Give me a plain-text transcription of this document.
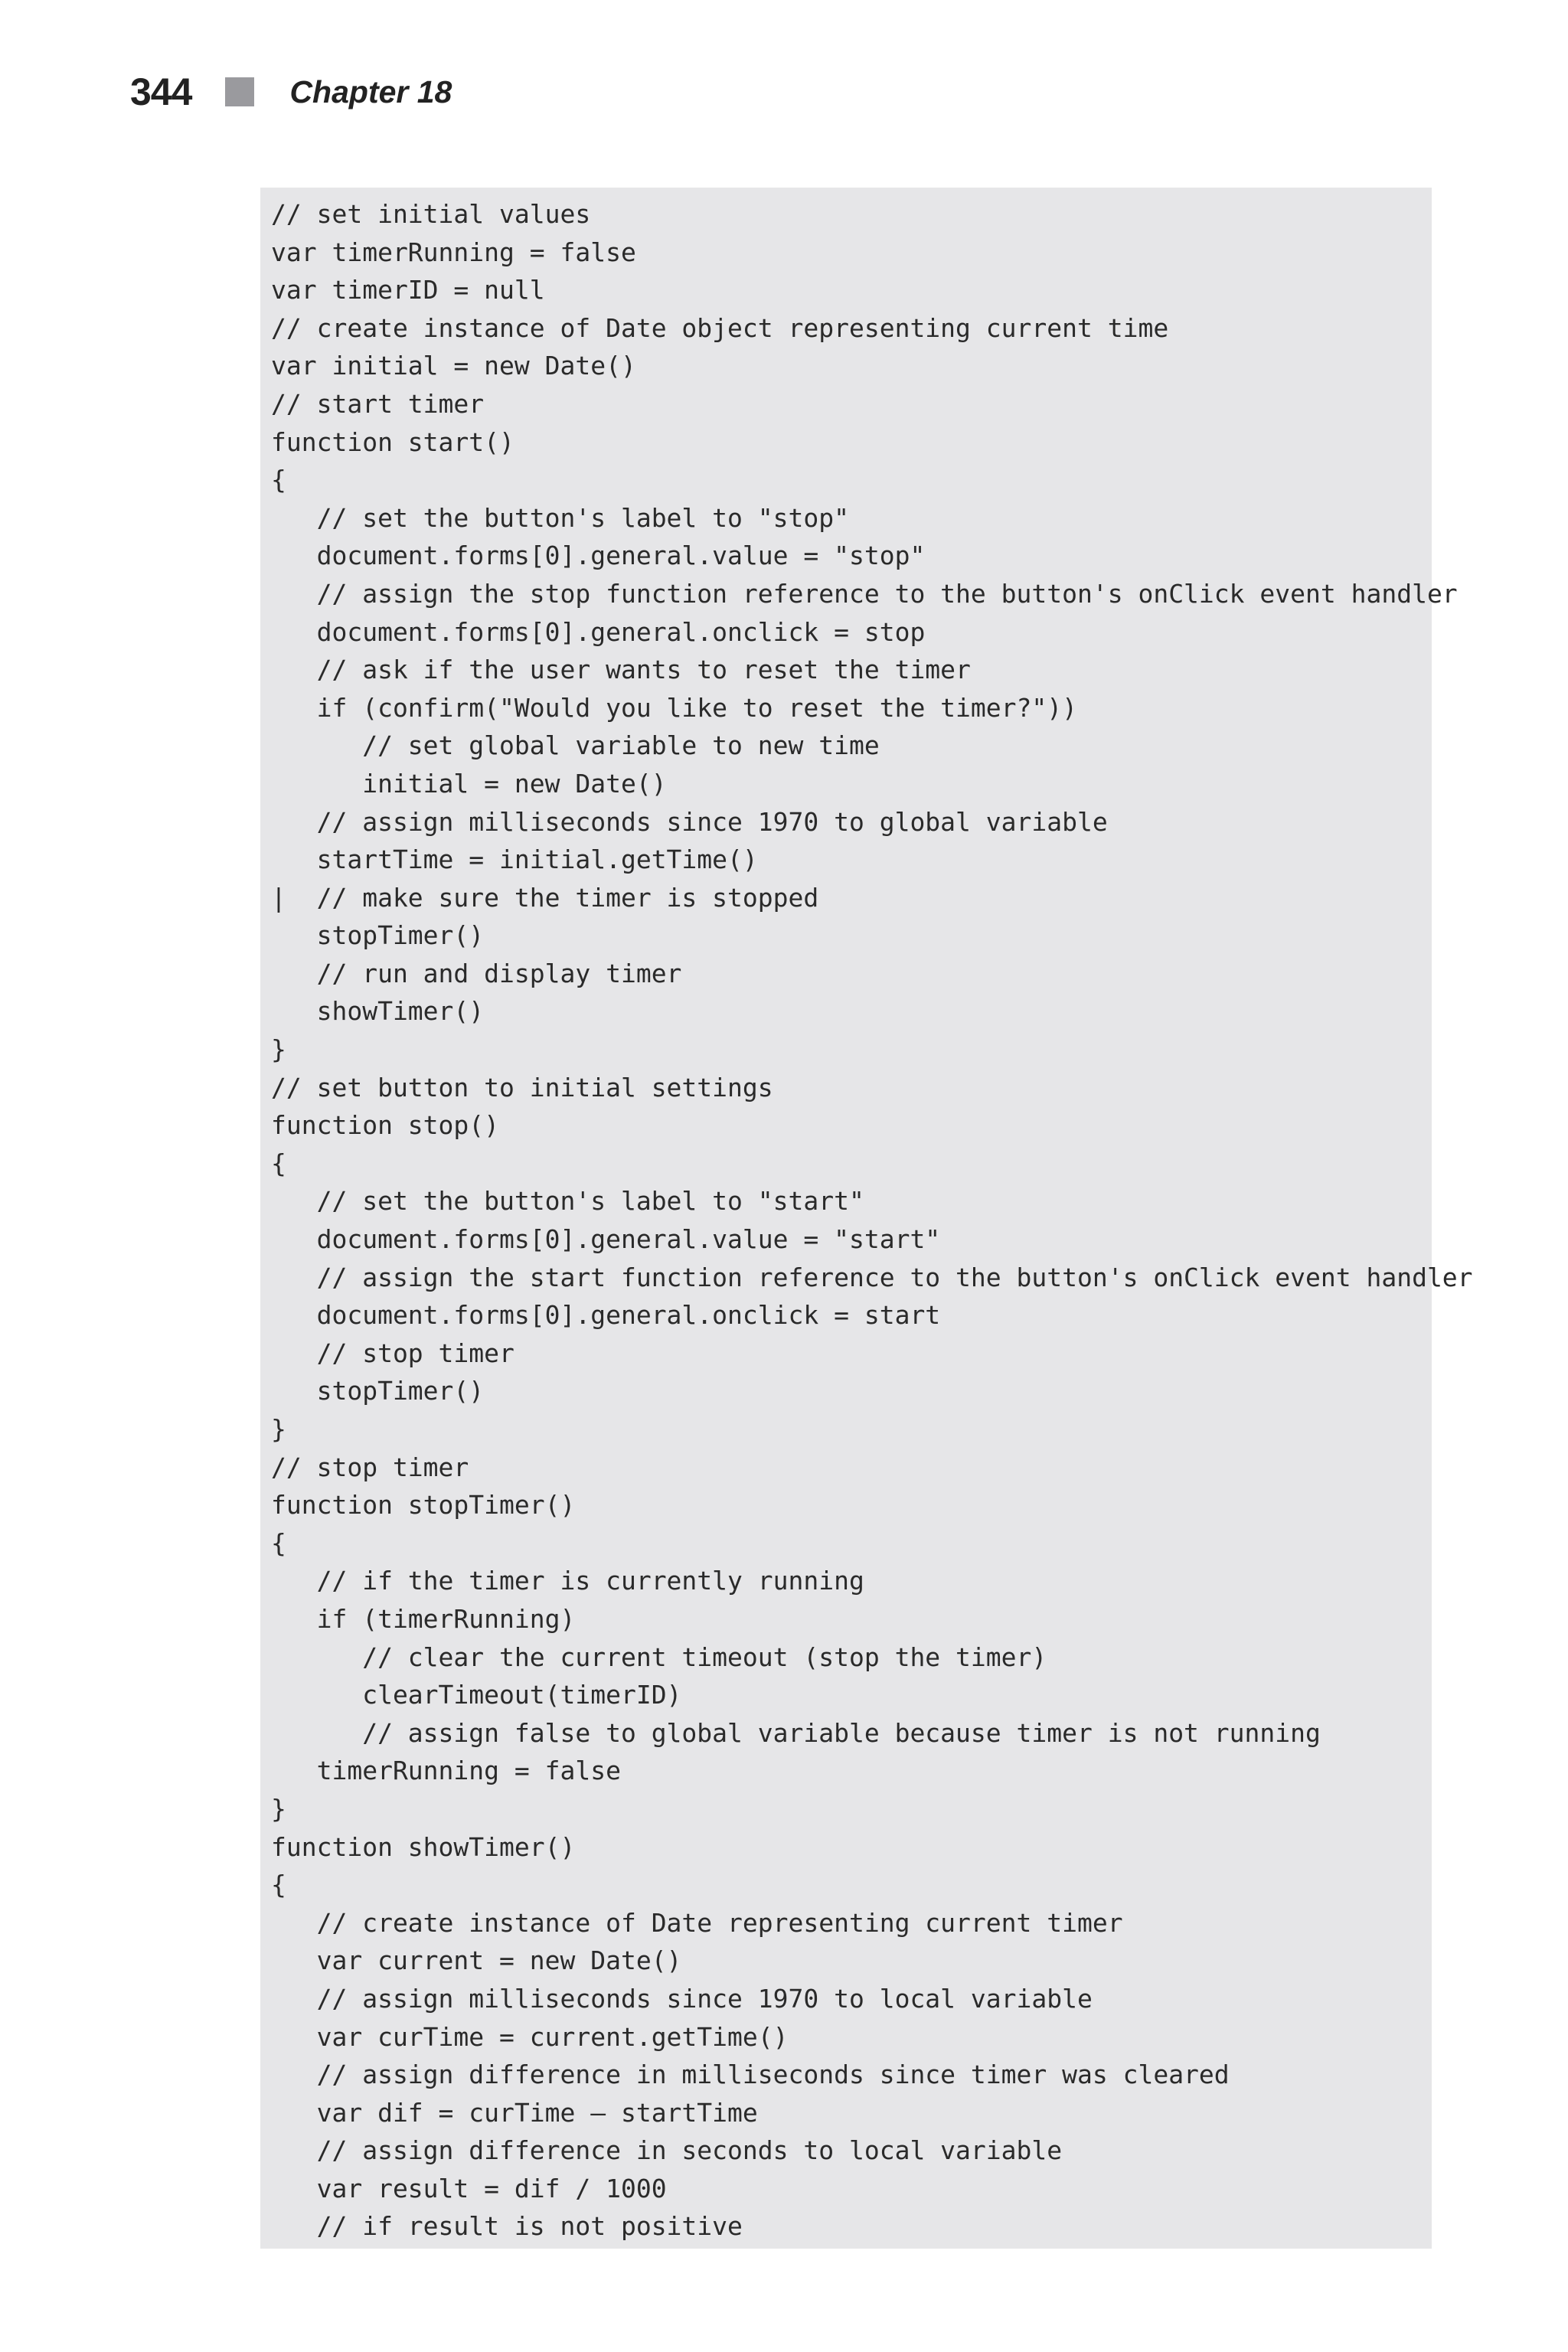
344	Chapter 18
// set initial values
var timerRunning = false
var timerID = null
// create instance of Date object representing current time
var initial = new Date()
// start timer
function start()
{
// set the button's label to "stop"
document.forms[0].general.value = "stop"
// assign the stop function reference to the button's onClick event handler
document.forms[0].general.onclick = stop
// ask if the user wants to reset the timer
if (confirm("Would you like to reset the timer?"))
// set global variable to new time
initial = new Date()
// assign milliseconds since 1970 to global variable
startTime = initial.getTime()
|  // make sure the timer is stopped
stopTimer()
// run and display timer
showTimer()
}
// set button to initial settings
function stop()
{
// set the button's label to "start"
document.forms[0].general.value = "start"
// assign the start function reference to the button's onClick event handler
document.forms[0].general.onclick = start
// stop timer
stopTimer()
}
// stop timer
function stopTimer()
{
// if the timer is currently running
if (timerRunning)
// clear the current timeout (stop the timer)
clearTimeout(timerID)
// assign false to global variable because timer is not running
timerRunning = false
}
function showTimer()
{
// create instance of Date representing current timer
var current = new Date()
// assign milliseconds since 1970 to local variable
var curTime = current.getTime()
// assign difference in milliseconds since timer was cleared
var dif = curTime – startTime
// assign difference in seconds to local variable
var result = dif / 1000
// if result is not positive
